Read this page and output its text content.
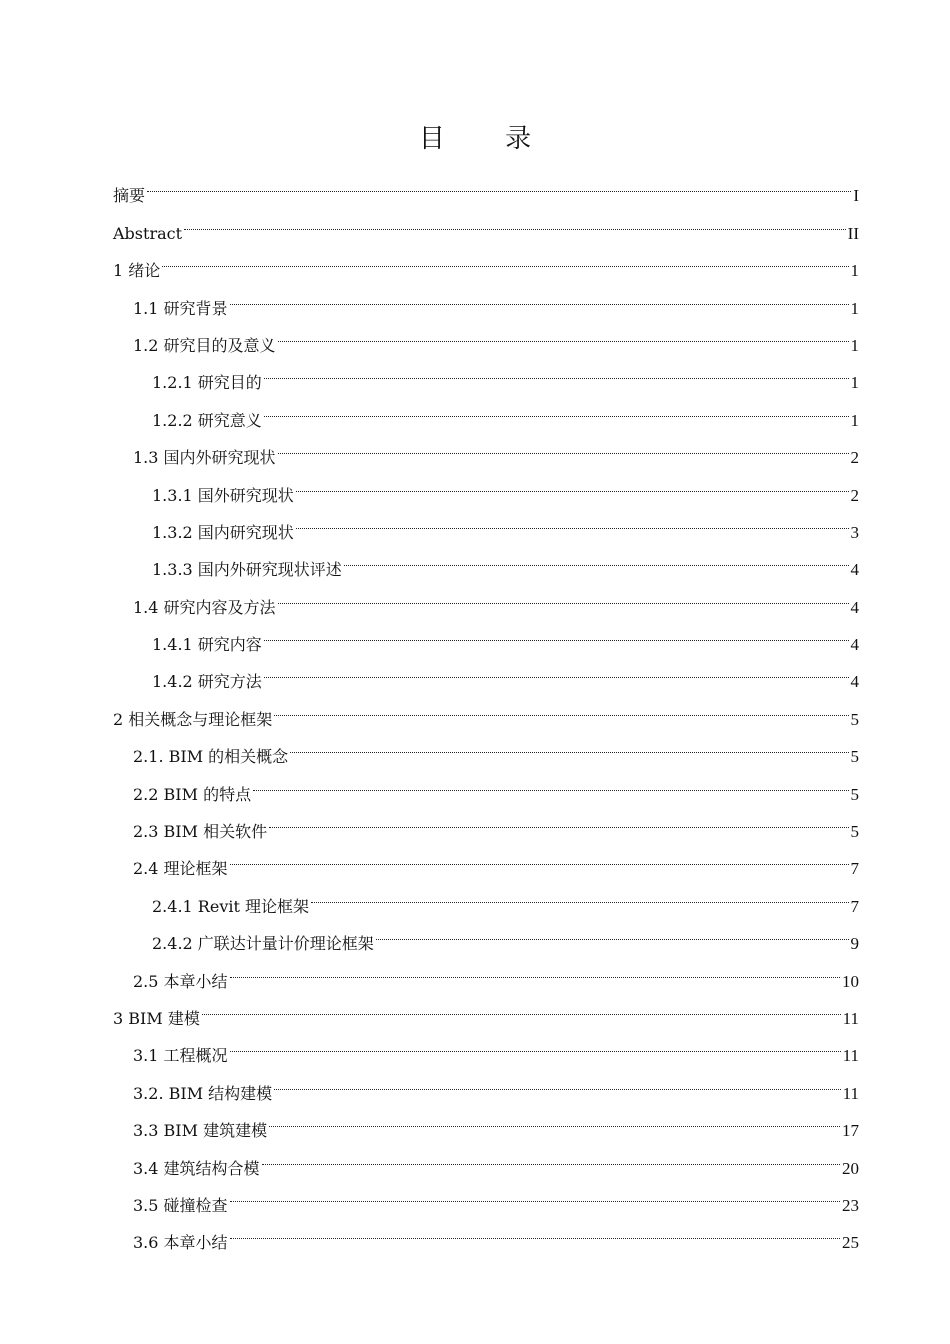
目 录
摘要	I
Abstract	II
1 绪论	1
1.1 研究背景	1
1.2 研究目的及意义	1
1.2.1 研究目的	1
1.2.2 研究意义	1
1.3 国内外研究现状	2
1.3.1 国外研究现状	2
1.3.2 国内研究现状	3
1.3.3 国内外研究现状评述	4
1.4 研究内容及方法	4
1.4.1 研究内容	4
1.4.2 研究方法	4
2 相关概念与理论框架	5
2.1. BIM 的相关概念	5
2.2 BIM 的特点	5
2.3 BIM 相关软件	5
2.4 理论框架	7
2.4.1 Revit 理论框架	7
2.4.2 广联达计量计价理论框架	9
2.5 本章小结	10
3 BIM 建模	11
3.1 工程概况	11
3.2. BIM 结构建模	11
3.3 BIM 建筑建模	17
3.4 建筑结构合模	20
3.5 碰撞检查	23
3.6 本章小结	25
